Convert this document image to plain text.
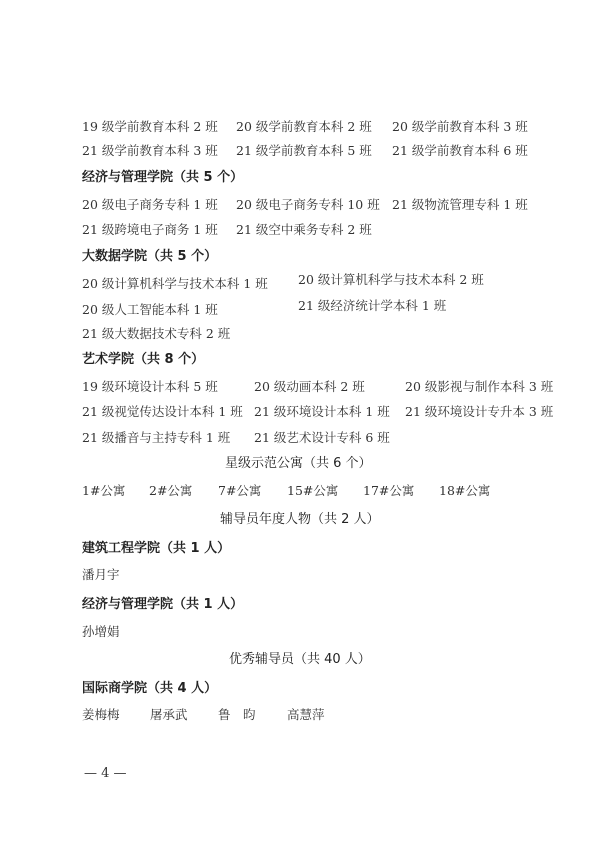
19 级学前教育本科 2 班 20 级学前教育本科 2 班 20 级学前教育本科 3 班
21 级学前教育本科 3 班 21 级学前教育本科 5 班 21 级学前教育本科 6 班
经济与管理学院（共 5 个）
20 级电子商务专科 1 班 20 级电子商务专科 10 班 21 级物流管理专科 1 班
21 级跨境电子商务 1 班 21 级空中乘务专科 2 班
大数据学院（共 5 个）
20 级计算机科学与技术本科 1 班 20 级计算机科学与技术本科 2 班
20 级人工智能本科 1 班	21 级经济统计学本科 1 班
21 级大数据技术专科 2 班
艺术学院（共 8 个）
19 级环境设计本科 5 班	20 级动画本科 2 班	20 级影视与制作本科 3 班
21 级视觉传达设计本科 1 班 21 级环境设计本科 1 班 21 级环境设计专升本 3 班
21 级播音与主持专科 1 班 21 级艺术设计专科 6 班
星级示范公寓（共 6 个）
1#公寓 2#公寓 7#公寓 15#公寓 17#公寓 18#公寓
辅导员年度人物（共 2 人）
建筑工程学院（共 1 人）
潘月宇
经济与管理学院（共 1 人）
孙增娟
优秀辅导员（共 40 人）
国际商学院（共 4 人）
姜梅梅 屠承武 鲁　昀	高慧萍
— 4 —
